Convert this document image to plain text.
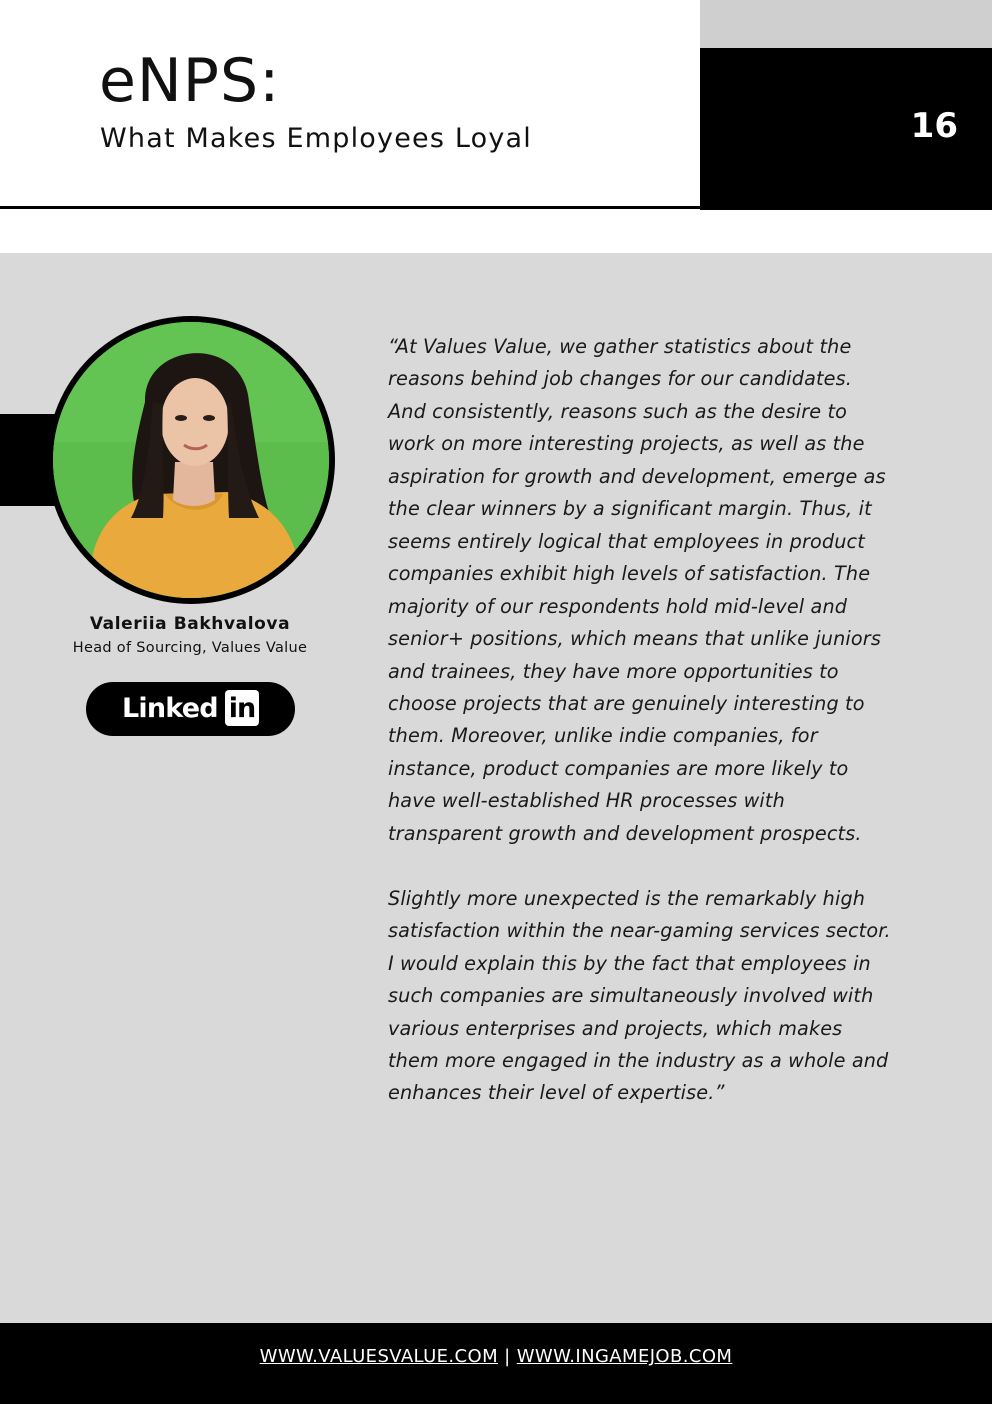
16
eNPS:
What Makes Employees Loyal
Valeriia Bakhvalova
Head of Sourcing, Values Value
Linked in

“At Values Value, we gather statistics about the reasons behind job changes for our candidates. And consistently, reasons such as the desire to work on more interesting projects, as well as the aspiration for growth and development, emerge as the clear winners by a significant margin. Thus, it seems entirely logical that employees in product companies exhibit high levels of satisfaction. The majority of our respondents hold mid-level and senior+ positions, which means that unlike juniors and trainees, they have more opportunities to choose projects that are genuinely interesting to them. Moreover, unlike indie companies, for instance, product companies are more likely to have well-established HR processes with transparent growth and development prospects.

Slightly more unexpected is the remarkably high satisfaction within the near-gaming services sector. I would explain this by the fact that employees in such companies are simultaneously involved with various enterprises and projects, which makes them more engaged in the industry as a whole and enhances their level of expertise.”

WWW.VALUESVALUE.COM | WWW.INGAMEJOB.COM
